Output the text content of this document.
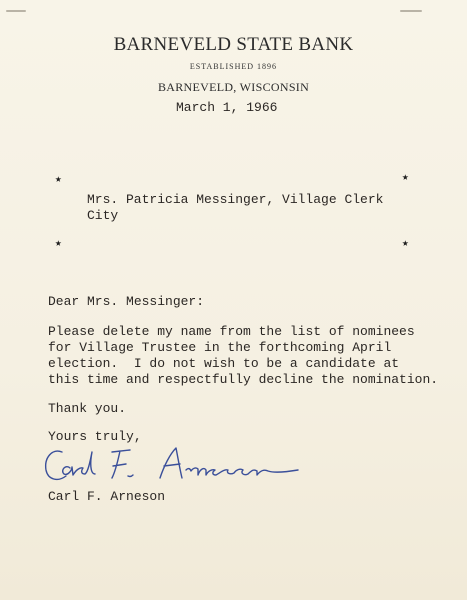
BARNEVELD STATE BANK
ESTABLISHED 1896
BARNEVELD, WISCONSIN
March 1, 1966
★	★
★	★
Mrs. Patricia Messinger, Village Clerk
City
Dear Mrs. Messinger:
Please delete my name from the list of nominees
for Village Trustee in the forthcoming April
election.  I do not wish to be a candidate at
this time and respectfully decline the nomination.
Thank you.
Yours truly,
Carl F. Arneson
